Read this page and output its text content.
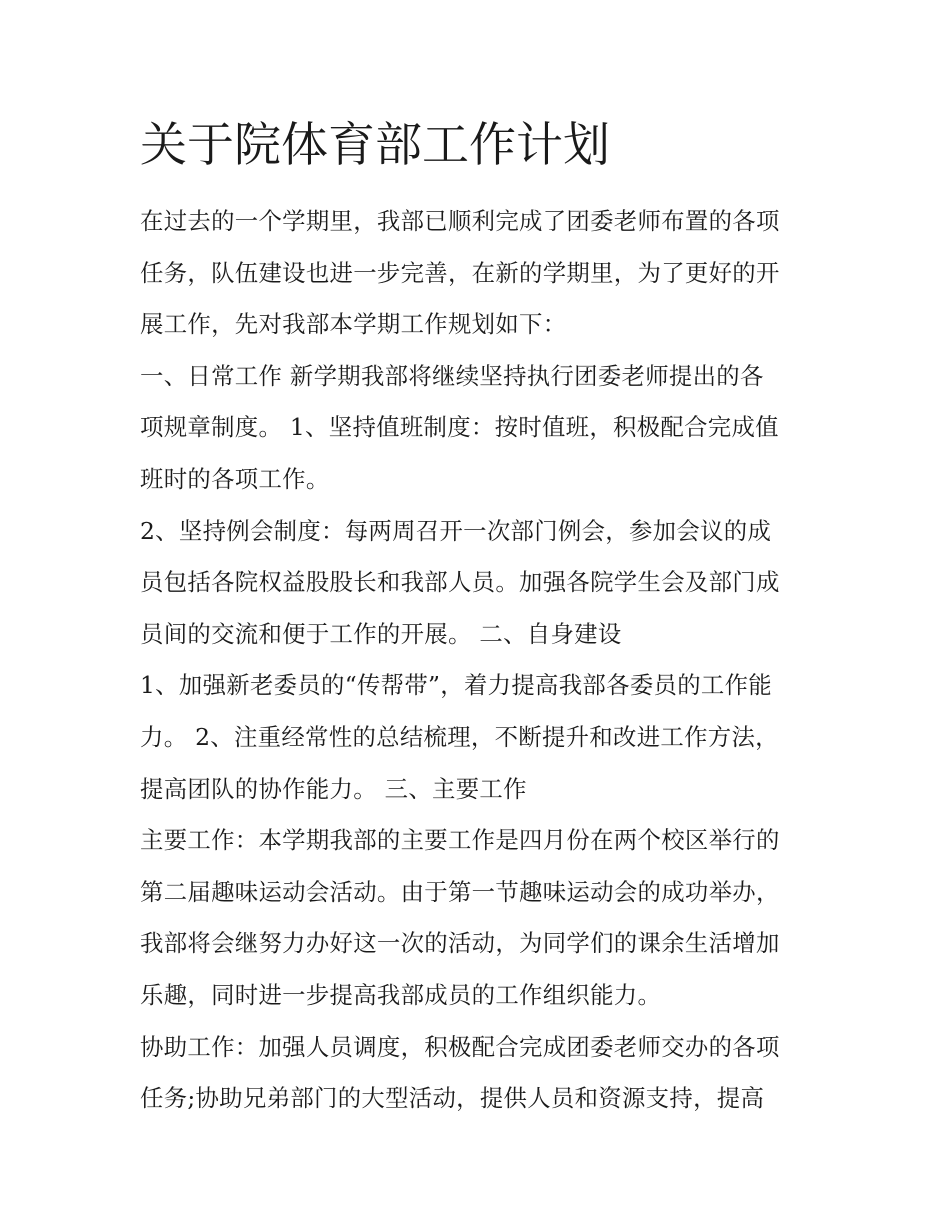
关于院体育部工作计划
在过去的一个学期里，我部已顺利完成了团委老师布置的各项
任务，队伍建设也进一步完善，在新的学期里，为了更好的开
展工作，先对我部本学期工作规划如下：
一、日常工作 新学期我部将继续坚持执行团委老师提出的各
项规章制度。 1、坚持值班制度：按时值班，积极配合完成值
班时的各项工作。
2、坚持例会制度：每两周召开一次部门例会，参加会议的成
员包括各院权益股股长和我部人员。加强各院学生会及部门成
员间的交流和便于工作的开展。 二、自身建设
1、加强新老委员的“传帮带”，着力提高我部各委员的工作能
力。 2、注重经常性的总结梳理，不断提升和改进工作方法，
提高团队的协作能力。 三、主要工作
主要工作：本学期我部的主要工作是四月份在两个校区举行的
第二届趣味运动会活动。由于第一节趣味运动会的成功举办，
我部将会继努力办好这一次的活动，为同学们的课余生活增加
乐趣，同时进一步提高我部成员的工作组织能力。
协助工作：加强人员调度，积极配合完成团委老师交办的各项
任务;协助兄弟部门的大型活动，提供人员和资源支持，提高
